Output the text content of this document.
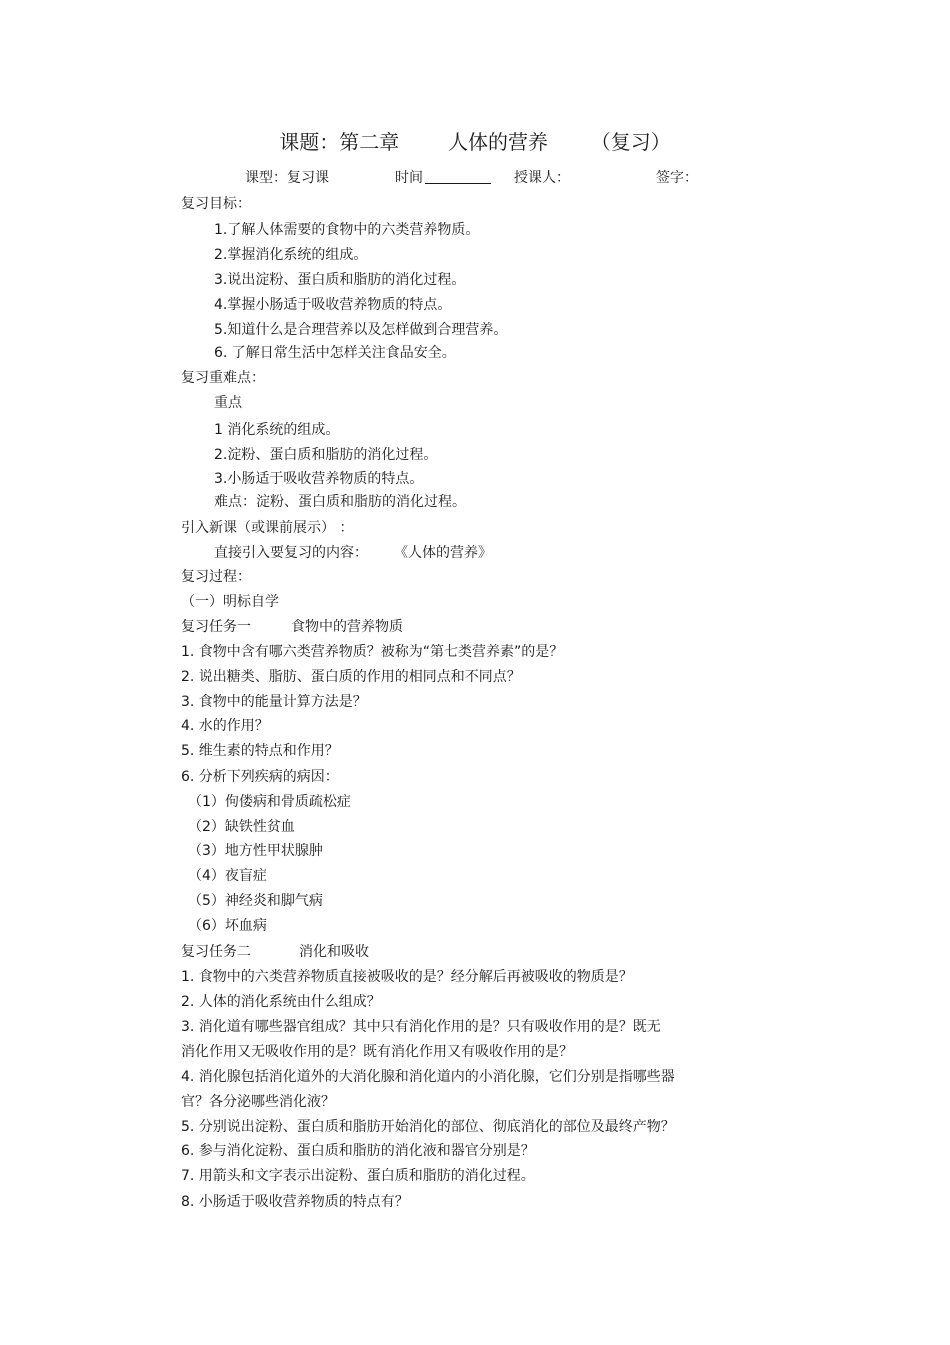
课题：第二章 人体的营养 （复习）
课型：复习课	时间	授课人：	签字：
复习目标：
1.了解人体需要的食物中的六类营养物质。
2.掌握消化系统的组成。
3.说出淀粉、蛋白质和脂肪的消化过程。
4.掌握小肠适于吸收营养物质的特点。
5.知道什么是合理营养以及怎样做到合理营养。
6. 了解日常生活中怎样关注食品安全。
复习重难点：
重点
1 消化系统的组成。
2.淀粉、蛋白质和脂肪的消化过程。
3.小肠适于吸收营养物质的特点。
难点：淀粉、蛋白质和脂肪的消化过程。
引入新课（或课前展示） ：
直接引入要复习的内容： 《人体的营养》
复习过程：
（一）明标自学
复习任务一	食物中的营养物质
1. 食物中含有哪六类营养物质？被称为“第七类营养素”的是？
2. 说出糖类、脂肪、蛋白质的作用的相同点和不同点？
3. 食物中的能量计算方法是？
4. 水的作用？
5. 维生素的特点和作用？
6. 分析下列疾病的病因：
（1）佝偻病和骨质疏松症
（2）缺铁性贫血
（3）地方性甲状腺肿
（4）夜盲症
（5）神经炎和脚气病
（6）坏血病
复习任务二	消化和吸收
1. 食物中的六类营养物质直接被吸收的是？经分解后再被吸收的物质是？
2. 人体的消化系统由什么组成？
3. 消化道有哪些器官组成？其中只有消化作用的是？只有吸收作用的是？既无
消化作用又无吸收作用的是？既有消化作用又有吸收作用的是？
4. 消化腺包括消化道外的大消化腺和消化道内的小消化腺，它们分别是指哪些器
官？各分泌哪些消化液？
5. 分别说出淀粉、蛋白质和脂肪开始消化的部位、彻底消化的部位及最终产物？
6. 参与消化淀粉、蛋白质和脂肪的消化液和器官分别是？
7. 用箭头和文字表示出淀粉、蛋白质和脂肪的消化过程。
8. 小肠适于吸收营养物质的特点有？
